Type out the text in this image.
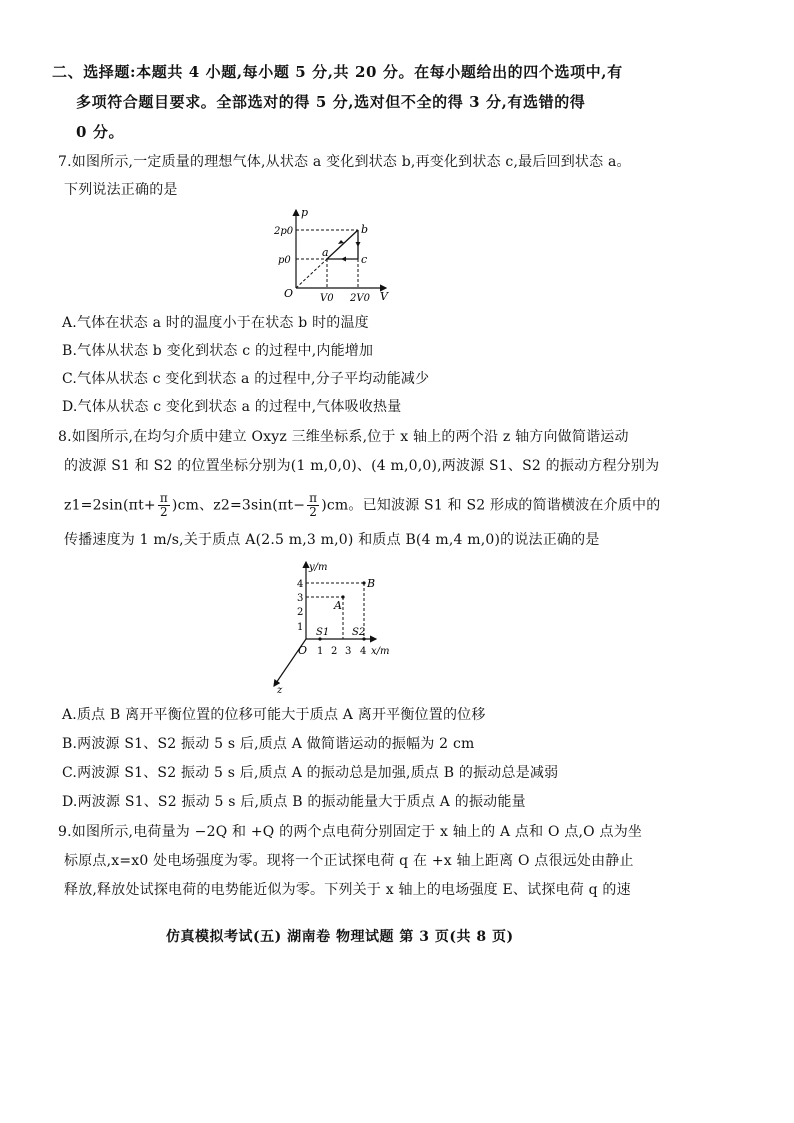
二、选择题:本题共 4 小题,每小题 5 分,共 20 分。在每小题给出的四个选项中,有
多项符合题目要求。全部选对的得 5 分,选对但不全的得 3 分,有选错的得
0 分。
7.如图所示,一定质量的理想气体,从状态 a 变化到状态 b,再变化到状态 c,最后回到状态 a。
下列说法正确的是
p
V
O
2p0
p0
V0 2V0
a
b
c
A.气体在状态 a 时的温度小于在状态 b 时的温度
B.气体从状态 b 变化到状态 c 的过程中,内能增加
C.气体从状态 c 变化到状态 a 的过程中,分子平均动能减少
D.气体从状态 c 变化到状态 a 的过程中,气体吸收热量
8.如图所示,在均匀介质中建立 Oxyz 三维坐标系,位于 x 轴上的两个沿 z 轴方向做简谐运动
的波源 S1 和 S2 的位置坐标分别为(1 m,0,0)、(4 m,0,0),两波源 S1、S2 的振动方程分别为
$z1=2\sin(\pi t+ \frac{\pi}{2} )cm$、$z2=3\sin(\pi t- \frac{\pi}{2} )cm$。已知波源 S1 和 S2 形成的简谐横波在介质中的
传播速度为 1 m/s,关于质点 A(2.5 m,3 m,0) 和质点 B(4 m,4 m,0)的说法正确的是
y/m
x/m
z
O
4
3
2
1
1 2 3 4
B
A
S1 S2
A.质点 B 离开平衡位置的位移可能大于质点 A 离开平衡位置的位移
B.两波源 S1、S2 振动 5 s 后,质点 A 做简谐运动的振幅为 2 cm
C.两波源 S1、S2 振动 5 s 后,质点 A 的振动总是加强,质点 B 的振动总是减弱
D.两波源 S1、S2 振动 5 s 后,质点 B 的振动能量大于质点 A 的振动能量
9.如图所示,电荷量为 −2Q 和 +Q 的两个点电荷分别固定于 x 轴上的 A 点和 O 点,O 点为坐
标原点,x=x0 处电场强度为零。现将一个正试探电荷 q 在 +x 轴上距离 O 点很远处由静止
释放,释放处试探电荷的电势能近似为零。下列关于 x 轴上的电场强度 E、试探电荷 q 的速
仿真模拟考试(五) 湖南卷 物理试题 第 3 页(共 8 页)
